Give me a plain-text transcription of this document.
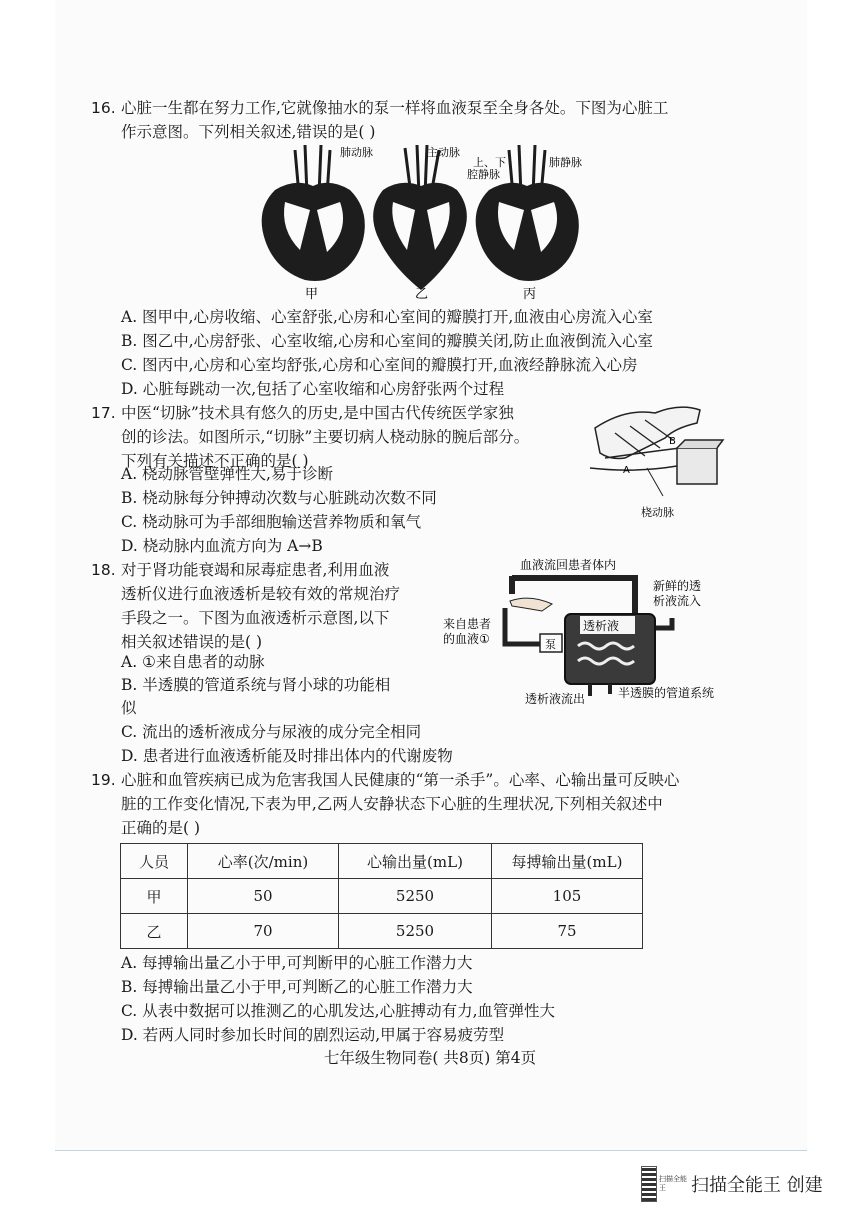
16. 心脏一生都在努力工作,它就像抽水的泵一样将血液泵至全身各处。下图为心脏工
作示意图。下列相关叙述,错误的是( )
肺动脉	主动脉
上、下
腔静脉
肺静脉
甲	乙	丙
A. 图甲中,心房收缩、心室舒张,心房和心室间的瓣膜打开,血液由心房流入心室
B. 图乙中,心房舒张、心室收缩,心房和心室间的瓣膜关闭,防止血液倒流入心室
C. 图丙中,心房和心室均舒张,心房和心室间的瓣膜打开,血液经静脉流入心房
D. 心脏每跳动一次,包括了心室收缩和心房舒张两个过程
17. 中医“切脉”技术具有悠久的历史,是中国古代传统医学家独
创的诊法。如图所示,“切脉”主要切病人桡动脉的腕后部分。
下列有关描述不正确的是( )
A
B
桡动脉
A. 桡动脉管壁弹性大,易于诊断
B. 桡动脉每分钟搏动次数与心脏跳动次数不同
C. 桡动脉可为手部细胞输送营养物质和氧气
D. 桡动脉内血流方向为 A→B
18. 对于肾功能衰竭和尿毒症患者,利用血液
透析仪进行血液透析是较有效的常规治疗
手段之一。下图为血液透析示意图,以下
相关叙述错误的是( )
血液流回患者体内
新鲜的透
析液流入
来自患者
的血液①	泵
透析液
透析液流出	半透膜的管道系统
A. ①来自患者的动脉
B. 半透膜的管道系统与肾小球的功能相
似
C. 流出的透析液成分与尿液的成分完全相同
D. 患者进行血液透析能及时排出体内的代谢废物
19. 心脏和血管疾病已成为危害我国人民健康的“第一杀手”。心率、心输出量可反映心
脏的工作变化情况,下表为甲,乙两人安静状态下心脏的生理状况,下列相关叙述中
正确的是( )
人员	心率(次/min)	心输出量(mL)	每搏输出量(mL)
甲	50	5250	105
乙	70	5250	75
A. 每搏输出量乙小于甲,可判断甲的心脏工作潜力大
B. 每搏输出量乙小于甲,可判断乙的心脏工作潜力大
C. 从表中数据可以推测乙的心肌发达,心脏搏动有力,血管弹性大
D. 若两人同时参加长时间的剧烈运动,甲属于容易疲劳型
七年级生物同卷( 共8页) 第4页
扫描全能王	扫描全能王 创建
